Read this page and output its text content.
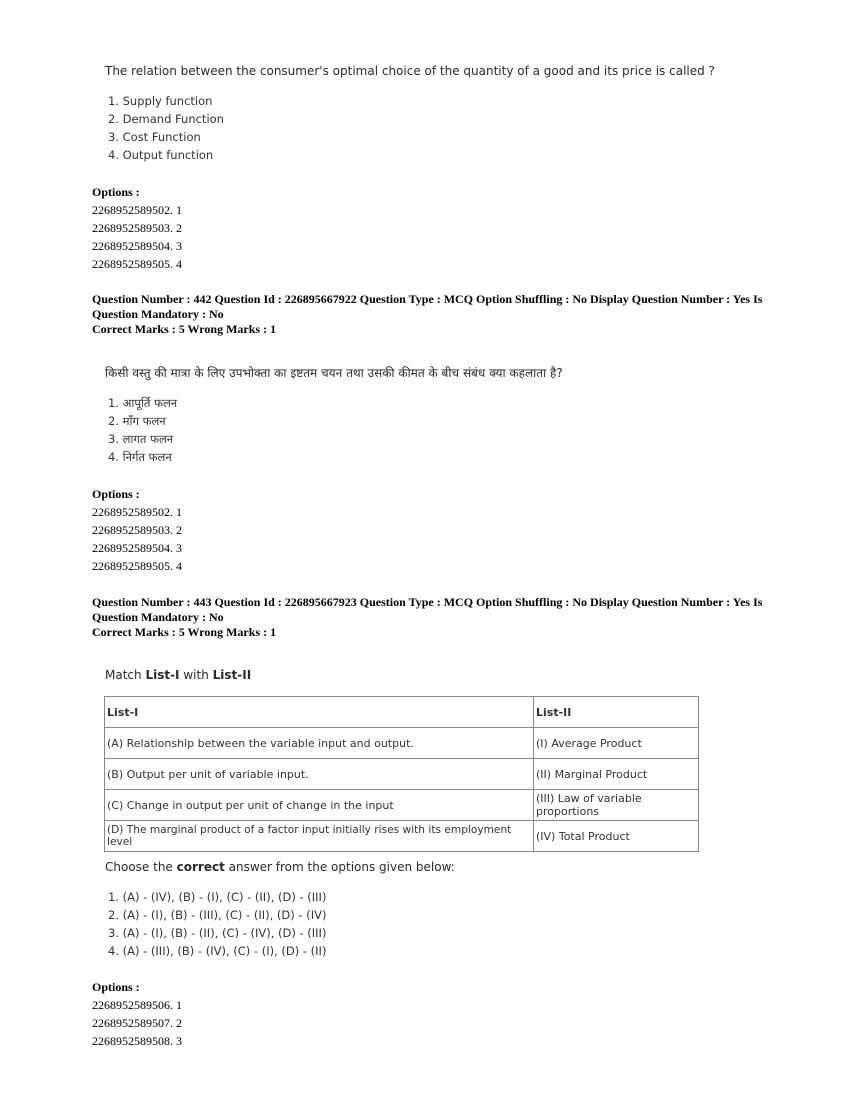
The relation between the consumer's optimal choice of the quantity of a good and its price is called ?
1. Supply function
2. Demand Function
3. Cost Function
4. Output function
Options :
2268952589502. 1
2268952589503. 2
2268952589504. 3
2268952589505. 4
Question Number : 442 Question Id : 226895667922 Question Type : MCQ Option Shuffling : No Display Question Number : Yes Is
Question Mandatory : No
Correct Marks : 5 Wrong Marks : 1
किसी वस्तु की मात्रा के लिए उपभोक्ता का इष्टतम चयन तथा उसकी कीमत के बीच संबंध क्या कहलाता है?
1. आपूर्ति फलन
2. माँग फलन
3. लागत फलन
4. निर्गत फलन
Options :
2268952589502. 1
2268952589503. 2
2268952589504. 3
2268952589505. 4
Question Number : 443 Question Id : 226895667923 Question Type : MCQ Option Shuffling : No Display Question Number : Yes Is
Question Mandatory : No
Correct Marks : 5 Wrong Marks : 1
Match List-I with List-II
List-I	List-II
(A) Relationship between the variable input and output.	(I) Average Product
(B) Output per unit of variable input.	(II) Marginal Product
(C) Change in output per unit of change in the input	(III) Law of variable proportions
(D) The marginal product of a factor input initially rises with its employment level	(IV) Total Product
Choose the correct answer from the options given below:
1. (A) - (IV), (B) - (I), (C) - (II), (D) - (III)
2. (A) - (I), (B) - (III), (C) - (II), (D) - (IV)
3. (A) - (I), (B) - (II), (C) - (IV), (D) - (III)
4. (A) - (III), (B) - (IV), (C) - (I), (D) - (II)
Options :
2268952589506. 1
2268952589507. 2
2268952589508. 3
